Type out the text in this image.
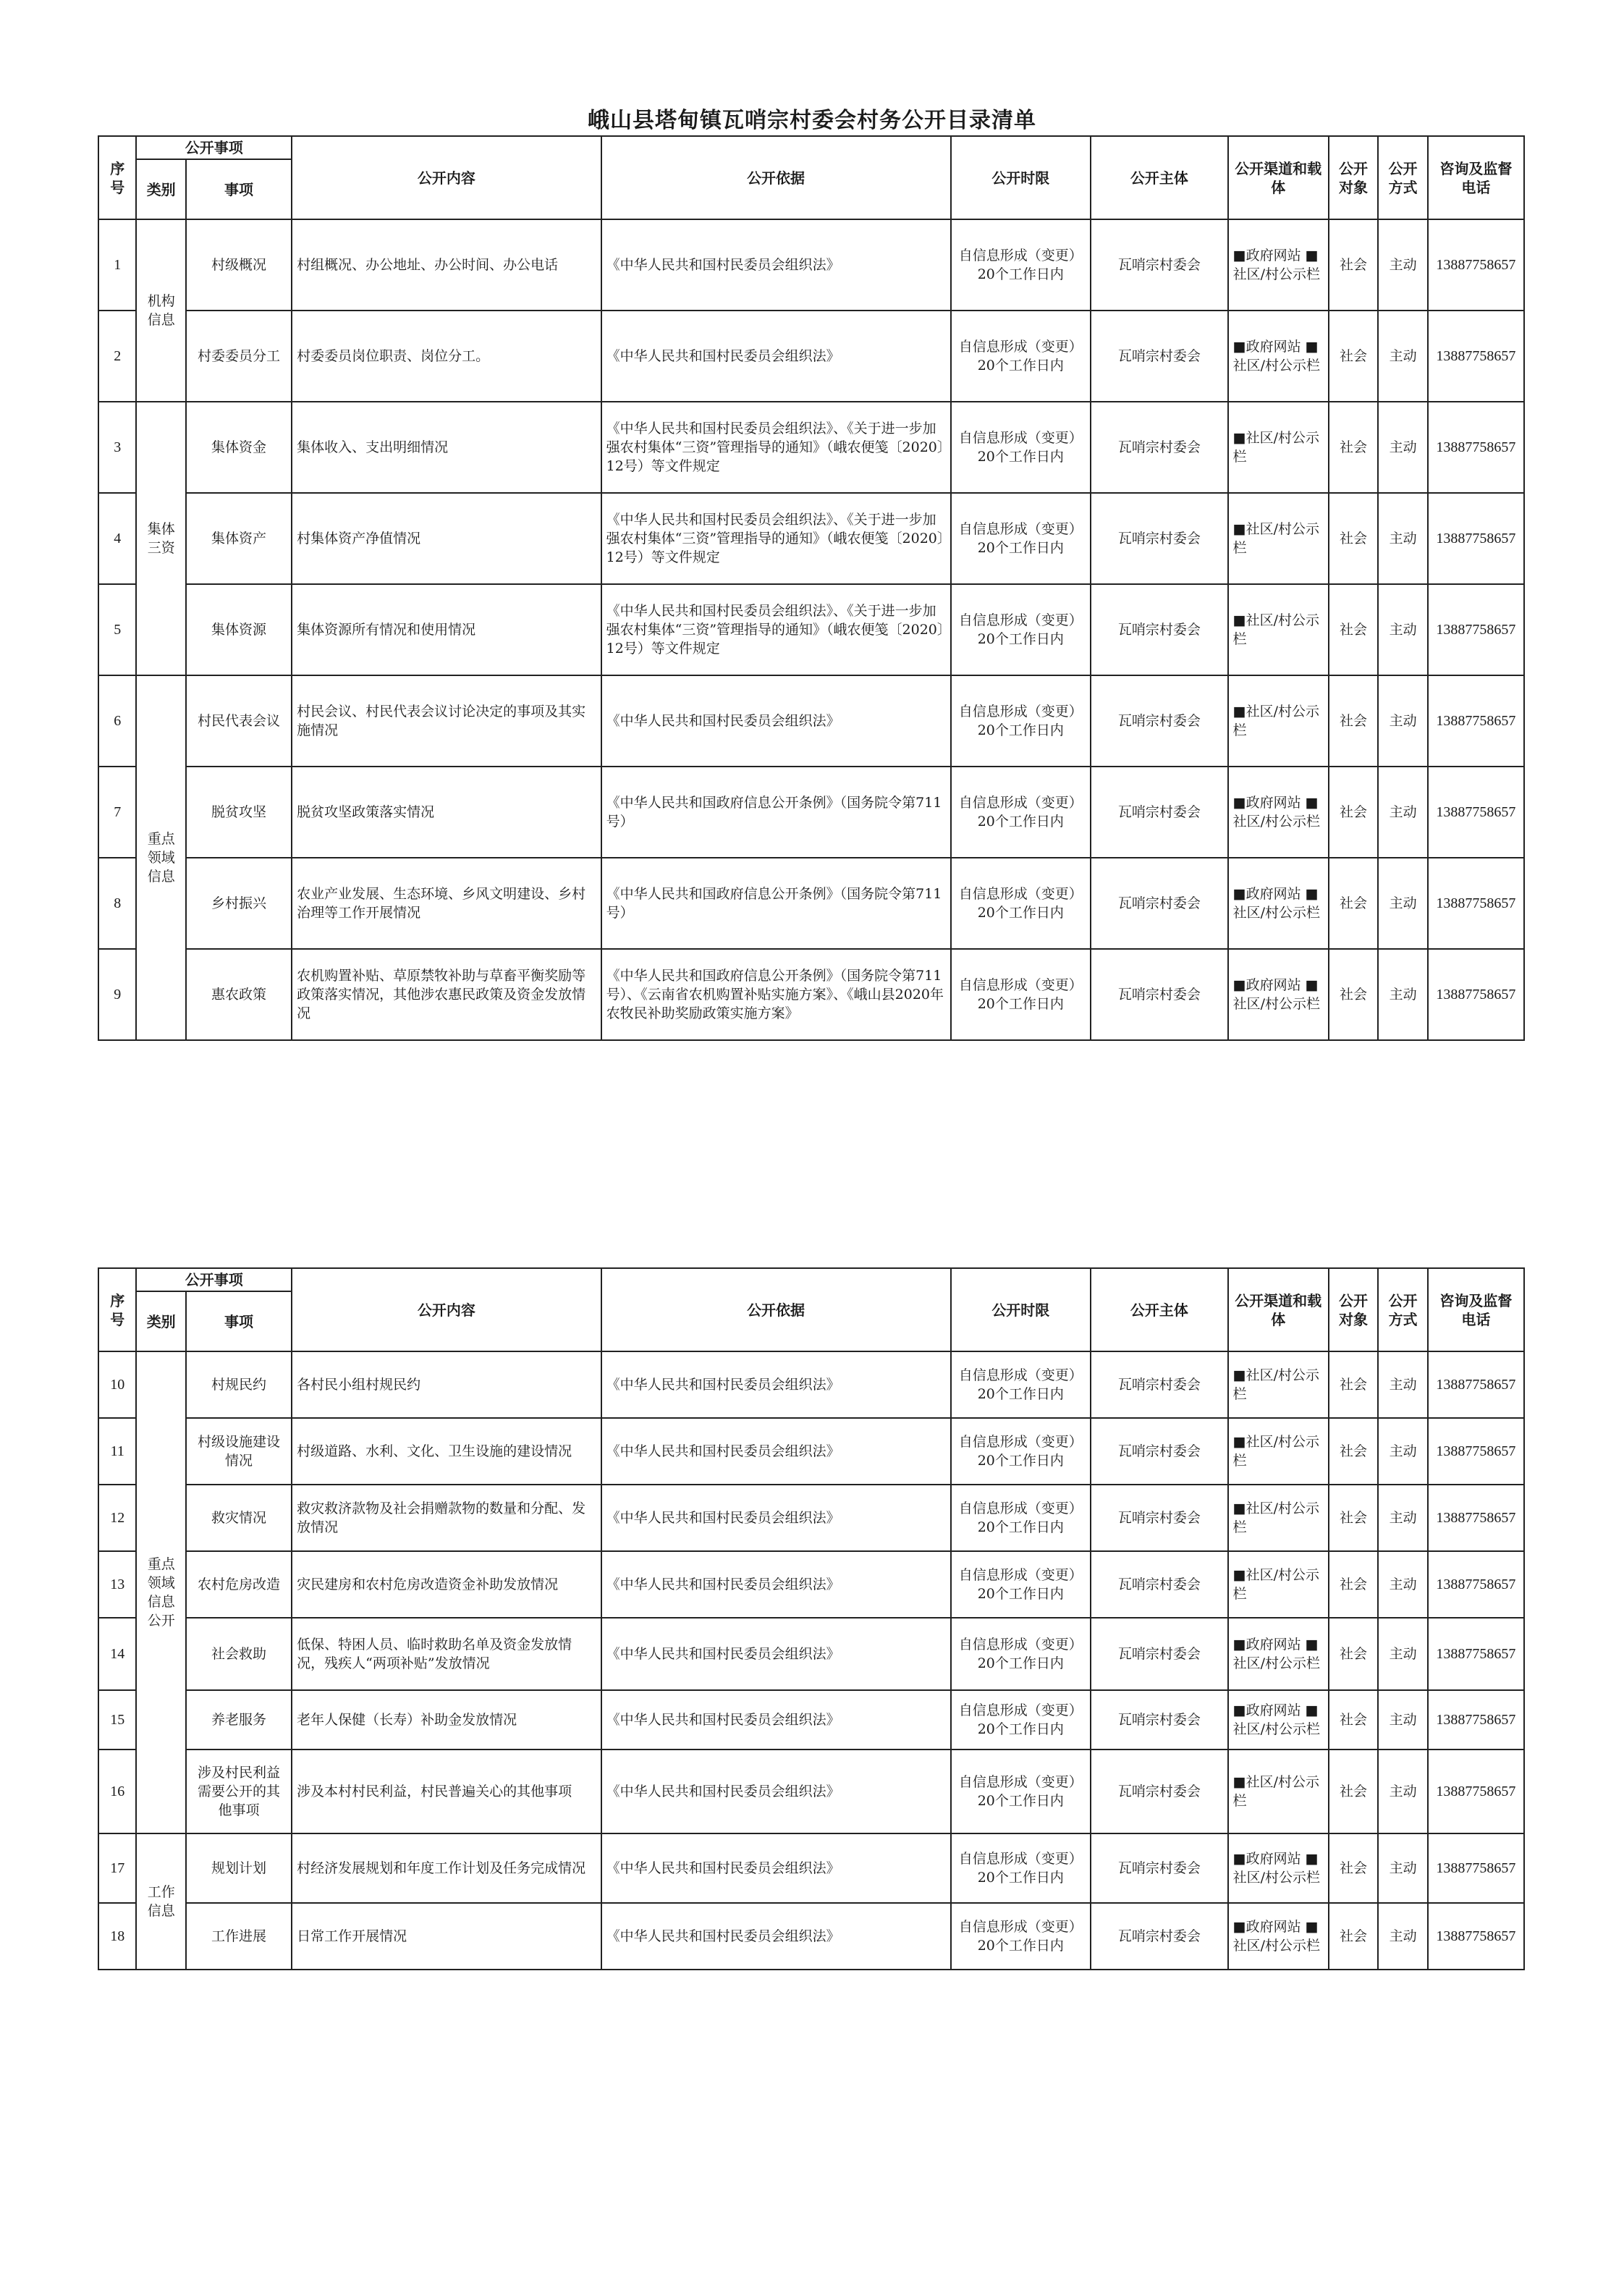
峨山县塔甸镇瓦哨宗村委会村务公开目录清单
序号	公开事项		公开内容	公开依据	公开时限	公开主体	公开渠道和载体	公开对象	公开方式	咨询及监督电话
	类别	事项								
1	机构信息	村级概况	村组概况、办公地址、办公时间、办公电话	《中华人民共和国村民委员会组织法》	自信息形成（变更）20个工作日内	瓦哨宗村委会	■政府网站 ■社区/村公示栏	社会	主动	13887758657
2		村委委员分工	村委委员岗位职责、岗位分工。	《中华人民共和国村民委员会组织法》	自信息形成（变更）20个工作日内	瓦哨宗村委会	■政府网站 ■社区/村公示栏	社会	主动	13887758657
3	集体三资	集体资金	集体收入、支出明细情况	《中华人民共和国村民委员会组织法》、《关于进一步加强农村集体“三资”管理指导的通知》（峨农便笺〔2020〕12号）等文件规定	自信息形成（变更）20个工作日内	瓦哨宗村委会	■社区/村公示栏	社会	主动	13887758657
4		集体资产	村集体资产净值情况	《中华人民共和国村民委员会组织法》、《关于进一步加强农村集体“三资”管理指导的通知》（峨农便笺〔2020〕12号）等文件规定	自信息形成（变更）20个工作日内	瓦哨宗村委会	■社区/村公示栏	社会	主动	13887758657
5		集体资源	集体资源所有情况和使用情况	《中华人民共和国村民委员会组织法》、《关于进一步加强农村集体“三资”管理指导的通知》（峨农便笺〔2020〕12号）等文件规定	自信息形成（变更）20个工作日内	瓦哨宗村委会	■社区/村公示栏	社会	主动	13887758657
6	重点领域信息	村民代表会议	村民会议、村民代表会议讨论决定的事项及其实施情况	《中华人民共和国村民委员会组织法》	自信息形成（变更）20个工作日内	瓦哨宗村委会	■社区/村公示栏	社会	主动	13887758657
7		脱贫攻坚	脱贫攻坚政策落实情况	《中华人民共和国政府信息公开条例》（国务院令第711号）	自信息形成（变更）20个工作日内	瓦哨宗村委会	■政府网站 ■社区/村公示栏	社会	主动	13887758657
8		乡村振兴	农业产业发展、生态环境、乡风文明建设、乡村治理等工作开展情况	《中华人民共和国政府信息公开条例》（国务院令第711号）	自信息形成（变更）20个工作日内	瓦哨宗村委会	■政府网站 ■社区/村公示栏	社会	主动	13887758657
9		惠农政策	农机购置补贴、草原禁牧补助与草畜平衡奖励等政策落实情况，其他涉农惠民政策及资金发放情况	《中华人民共和国政府信息公开条例》（国务院令第711号）、《云南省农机购置补贴实施方案》、《峨山县2020年农牧民补助奖励政策实施方案》	自信息形成（变更）20个工作日内	瓦哨宗村委会	■政府网站 ■社区/村公示栏	社会	主动	13887758657
序号	公开事项		公开内容	公开依据	公开时限	公开主体	公开渠道和载体	公开对象	公开方式	咨询及监督电话
	类别	事项								
10	重点领域信息公开	村规民约	各村民小组村规民约	《中华人民共和国村民委员会组织法》	自信息形成（变更）20个工作日内	瓦哨宗村委会	■社区/村公示栏	社会	主动	13887758657
11		村级设施建设情况	村级道路、水利、文化、卫生设施的建设情况	《中华人民共和国村民委员会组织法》	自信息形成（变更）20个工作日内	瓦哨宗村委会	■社区/村公示栏	社会	主动	13887758657
12		救灾情况	救灾救济款物及社会捐赠款物的数量和分配、发放情况	《中华人民共和国村民委员会组织法》	自信息形成（变更）20个工作日内	瓦哨宗村委会	■社区/村公示栏	社会	主动	13887758657
13		农村危房改造	灾民建房和农村危房改造资金补助发放情况	《中华人民共和国村民委员会组织法》	自信息形成（变更）20个工作日内	瓦哨宗村委会	■社区/村公示栏	社会	主动	13887758657
14		社会救助	低保、特困人员、临时救助名单及资金发放情况，残疾人“两项补贴”发放情况	《中华人民共和国村民委员会组织法》	自信息形成（变更）20个工作日内	瓦哨宗村委会	■政府网站 ■社区/村公示栏	社会	主动	13887758657
15		养老服务	老年人保健（长寿）补助金发放情况	《中华人民共和国村民委员会组织法》	自信息形成（变更）20个工作日内	瓦哨宗村委会	■政府网站 ■社区/村公示栏	社会	主动	13887758657
16		涉及村民利益需要公开的其他事项	涉及本村村民利益，村民普遍关心的其他事项	《中华人民共和国村民委员会组织法》	自信息形成（变更）20个工作日内	瓦哨宗村委会	■社区/村公示栏	社会	主动	13887758657
17	工作信息	规划计划	村经济发展规划和年度工作计划及任务完成情况	《中华人民共和国村民委员会组织法》	自信息形成（变更）20个工作日内	瓦哨宗村委会	■政府网站 ■社区/村公示栏	社会	主动	13887758657
18		工作进展	日常工作开展情况	《中华人民共和国村民委员会组织法》	自信息形成（变更）20个工作日内	瓦哨宗村委会	■政府网站 ■社区/村公示栏	社会	主动	13887758657
